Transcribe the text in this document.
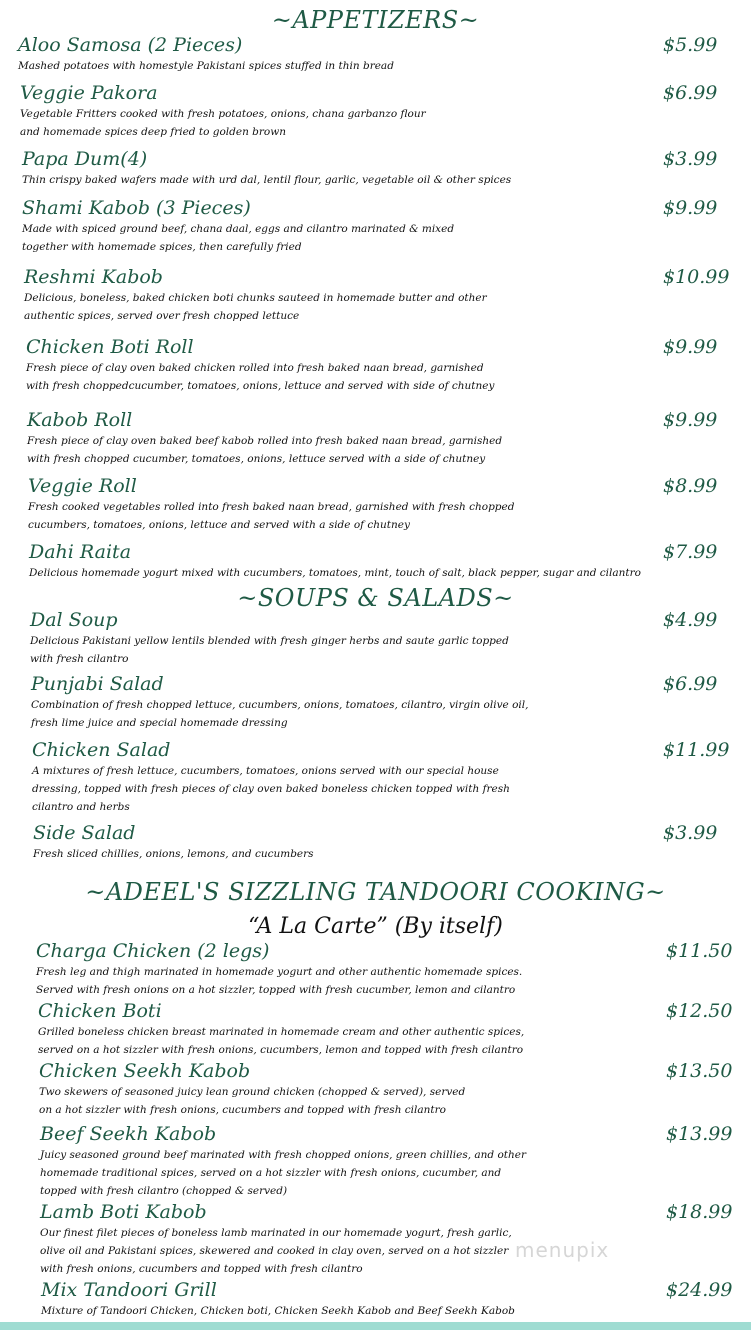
~APPETIZERS~
~SOUPS & SALADS~
~ADEEL'S SIZZLING TANDOORI COOKING~
“A La Carte” (By itself)
Aloo Samosa (2 Pieces)	$5.99
Mashed potatoes with homestyle Pakistani spices stuffed in thin bread
Veggie Pakora	$6.99
Vegetable Fritters cooked with fresh potatoes, onions, chana garbanzo flour
and homemade spices deep fried to golden brown
Papa Dum(4)	$3.99
Thin crispy baked wafers made with urd dal, lentil flour, garlic, vegetable oil & other spices
Shami Kabob (3 Pieces)	$9.99
Made with spiced ground beef, chana daal, eggs and cilantro marinated & mixed
together with homemade spices, then carefully fried
Reshmi Kabob	$10.99
Delicious, boneless, baked chicken boti chunks sauteed in homemade butter and other
authentic spices, served over fresh chopped lettuce
Chicken Boti Roll	$9.99
Fresh piece of clay oven baked chicken rolled into fresh baked naan bread, garnished
with fresh choppedcucumber, tomatoes, onions, lettuce and served with side of chutney
Kabob Roll	$9.99
Fresh piece of clay oven baked beef kabob rolled into fresh baked naan bread, garnished
with fresh chopped cucumber, tomatoes, onions, lettuce served with a side of chutney
Veggie Roll	$8.99
Fresh cooked vegetables rolled into fresh baked naan bread, garnished with fresh chopped
cucumbers, tomatoes, onions, lettuce and served with a side of chutney
Dahi Raita	$7.99
Delicious homemade yogurt mixed with cucumbers, tomatoes, mint, touch of salt, black pepper, sugar and cilantro
Dal Soup	$4.99
Delicious Pakistani yellow lentils blended with fresh ginger herbs and saute garlic topped
with fresh cilantro
Punjabi Salad	$6.99
Combination of fresh chopped lettuce, cucumbers, onions, tomatoes, cilantro, virgin olive oil,
fresh lime juice and special homemade dressing
Chicken Salad	$11.99
A mixtures of fresh lettuce, cucumbers, tomatoes, onions served with our special house
dressing, topped with fresh pieces of clay oven baked boneless chicken topped with fresh
cilantro and herbs
Side Salad	$3.99
Fresh sliced chillies, onions, lemons, and cucumbers
Charga Chicken (2 legs)	$11.50
Fresh leg and thigh marinated in homemade yogurt and other authentic homemade spices.
Served with fresh onions on a hot sizzler, topped with fresh cucumber, lemon and cilantro
Chicken Boti	$12.50
Grilled boneless chicken breast marinated in homemade cream and other authentic spices,
served on a hot sizzler with fresh onions, cucumbers, lemon and topped with fresh cilantro
Chicken Seekh Kabob	$13.50
Two skewers of seasoned juicy lean ground chicken (chopped & served), served
on a hot sizzler with fresh onions, cucumbers and topped with fresh cilantro
Beef Seekh Kabob	$13.99
Juicy seasoned ground beef marinated with fresh chopped onions, green chillies, and other
homemade traditional spices, served on a hot sizzler with fresh onions, cucumber, and
topped with fresh cilantro (chopped & served)
Lamb Boti Kabob	$18.99
Our finest filet pieces of boneless lamb marinated in our homemade yogurt, fresh garlic,
olive oil and Pakistani spices, skewered and cooked in clay oven, served on a hot sizzler
with fresh onions, cucumbers and topped with fresh cilantro
Mix Tandoori Grill	$24.99
Mixture of Tandoori Chicken, Chicken boti, Chicken Seekh Kabob and Beef Seekh Kabob
menupix
